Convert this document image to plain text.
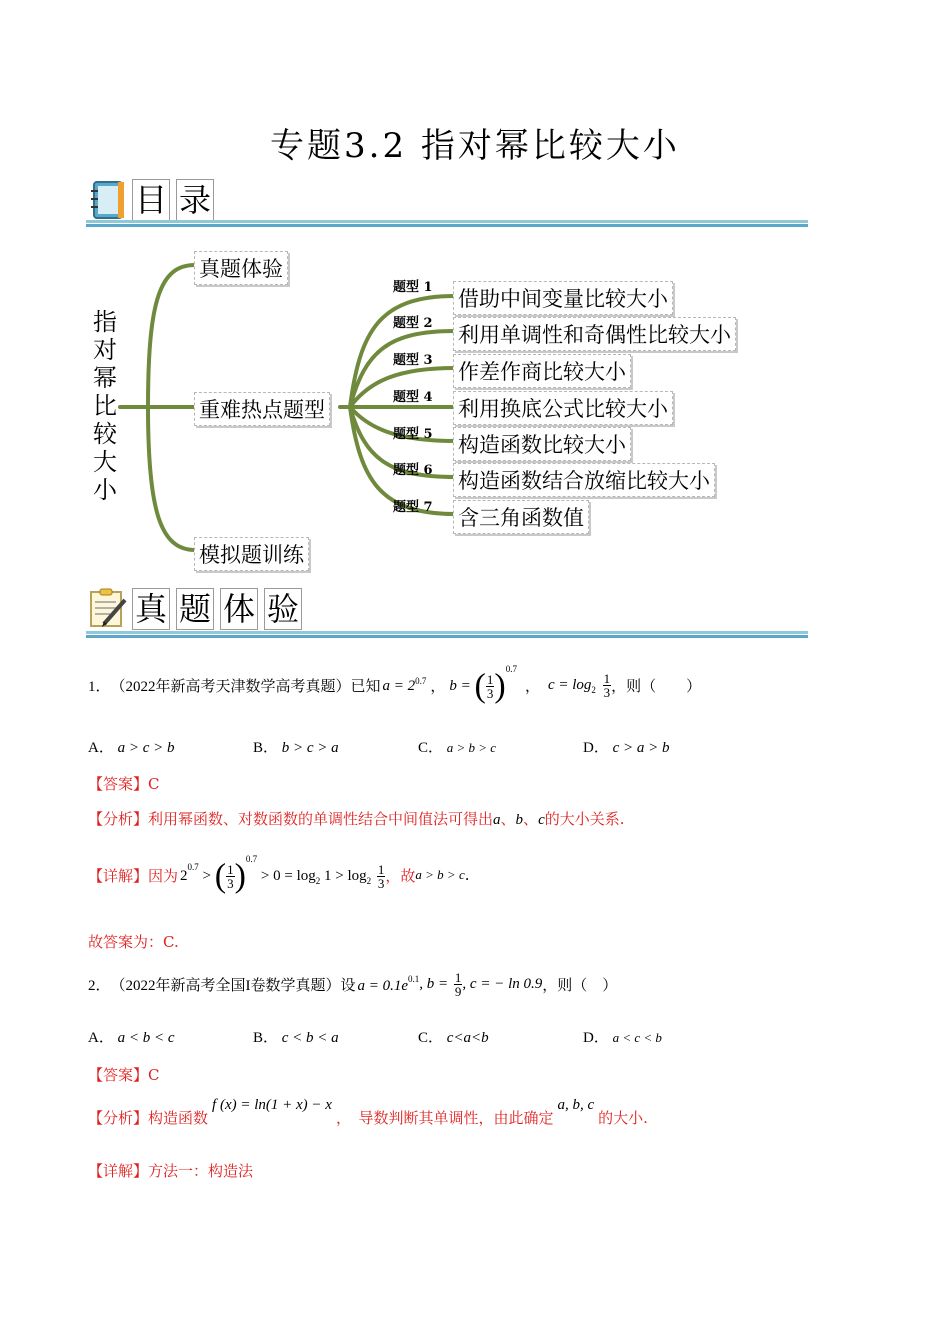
专题3.2 指对幂比较大小
目 录
指
对
幂
比
较
大
小
真题体验
重难热点题型
模拟题训练
题型 1
题型 2
题型 3
题型 4
题型 5
题型 6
题型 7
借助中间变量比较大小
利用单调性和奇偶性比较大小
作差作商比较大小
利用换底公式比较大小
构造函数比较大小
构造函数结合放缩比较大小
含三角函数值
真 题 体 验
1． （2022年新高考天津数学高考真题）已知 $a = 2^{0.7}$ ， b = ( $\frac{1}{3} )^{0.7}$
， $c = \log_2 \frac{1}{3}$ ，则（　　）
A． a > c > b	B． b > c > a	C． a > b > c	D． c > a > b
【答案】C
【分析】利用幂函数、对数函数的单调性结合中间值法可得出a、b、c的大小关系.
【详解】 因为 $2^{0.7}$ > ( $\frac{1}{3} )^{0.7} > 0 = \log_2 1 > \log_2 \frac{1}{3}$ ，故 a > b > c .
故答案为：C.
2． （2022年新高考全国I卷数学真题）设 $a = 0.1e^{0.1}$ , $b = \frac{1}{9}$ , c = − ln 0.9 ，则（　）
A． a < b < c	B． c < b < a	C． c<a<b	D． a < c < b
【答案】C
【分析】 构造函数
f (x) = ln(1 + x) − x
，　导数判断其单调性，由此确定
a, b, c
的大小.
【详解】方法一：构造法
